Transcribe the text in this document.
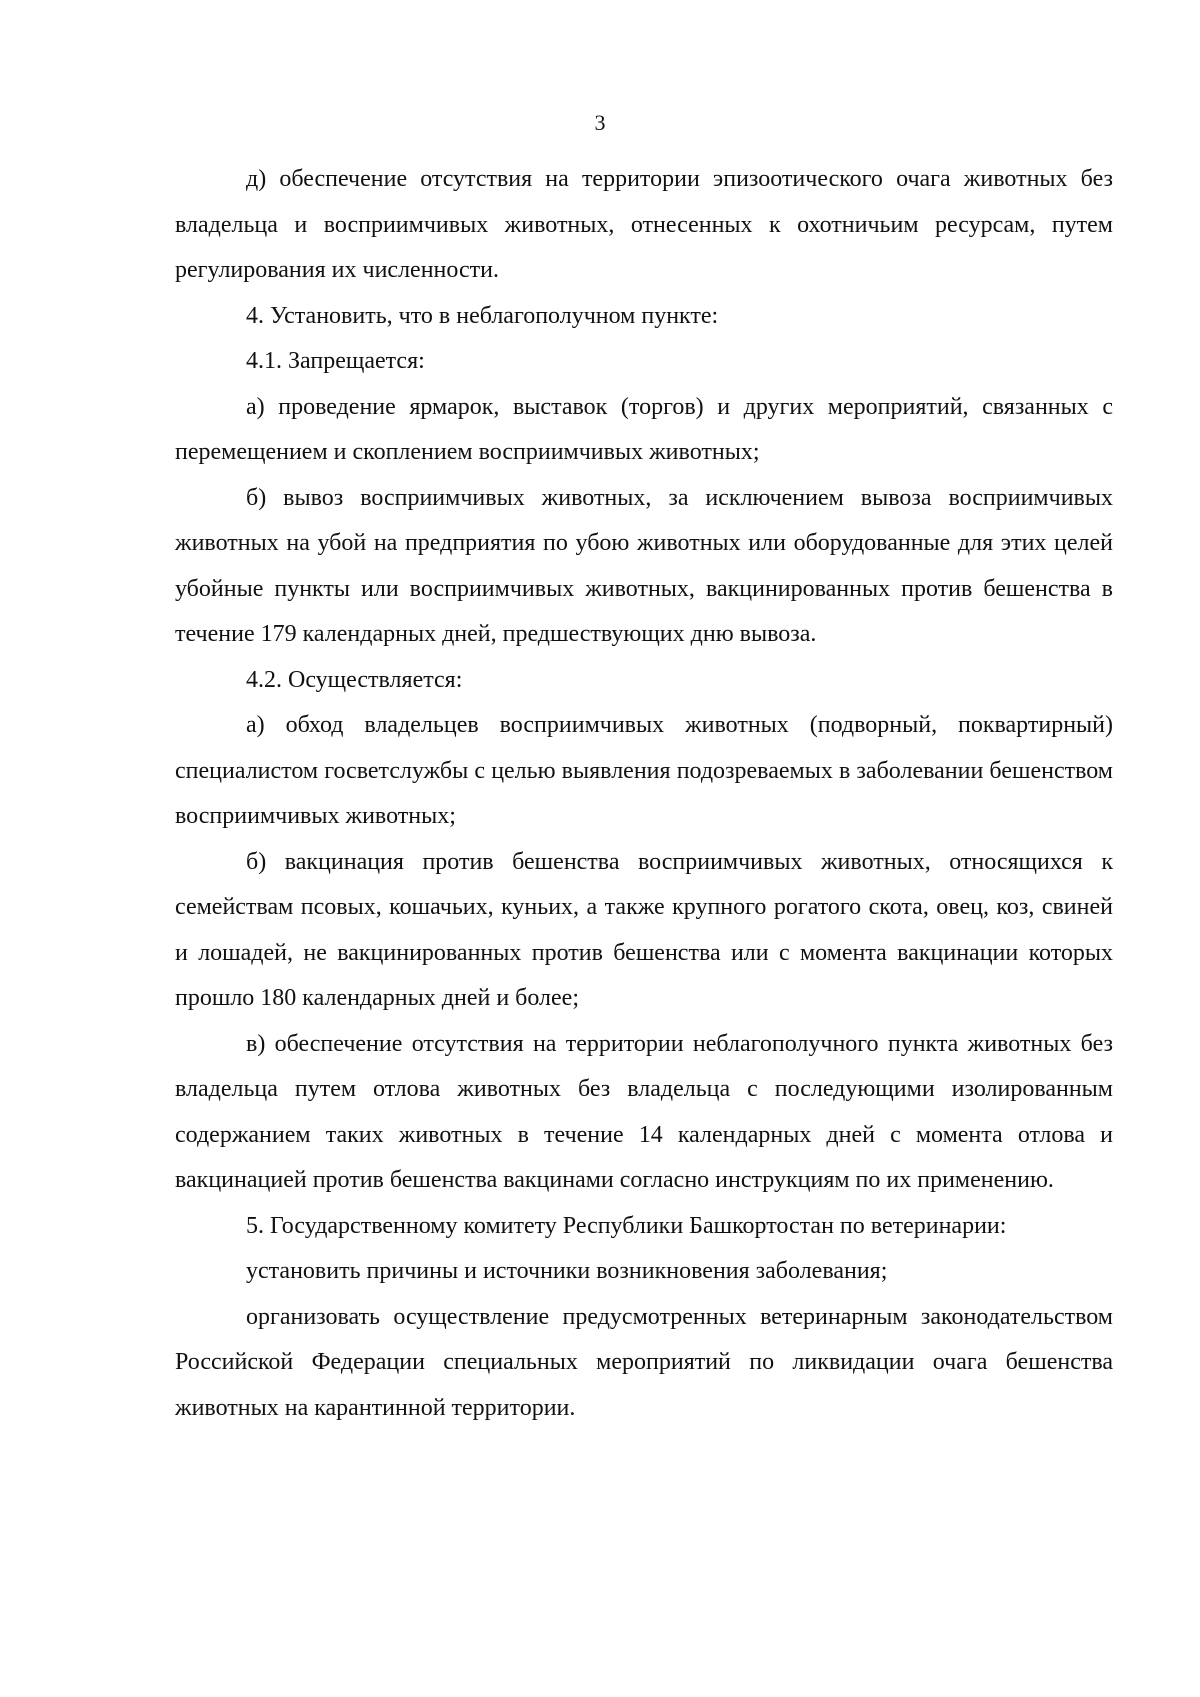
3

д) обеспечение отсутствия на территории эпизоотического очага животных без владельца и восприимчивых животных, отнесенных к охотничьим ресурсам, путем регулирования их численности.

4. Установить, что в неблагополучном пункте:

4.1. Запрещается:

а) проведение ярмарок, выставок (торгов) и других мероприятий, связанных с перемещением и скоплением восприимчивых животных;

б) вывоз восприимчивых животных, за исключением вывоза восприимчивых животных на убой на предприятия по убою животных или оборудованные для этих целей убойные пункты или восприимчивых животных, вакцинированных против бешенства в течение 179 календарных дней, предшествующих дню вывоза.

4.2. Осуществляется:

а) обход владельцев восприимчивых животных (подворный, поквартирный) специалистом госветслужбы с целью выявления подозреваемых в заболевании бешенством восприимчивых животных;

б) вакцинация против бешенства восприимчивых животных, относящихся к семействам псовых, кошачьих, куньих, а также крупного рогатого скота, овец, коз, свиней и лошадей, не вакцинированных против бешенства или с момента вакцинации которых прошло 180 календарных дней и более;

в) обеспечение отсутствия на территории неблагополучного пункта животных без владельца путем отлова животных без владельца с последующими изолированным содержанием таких животных в течение 14 календарных дней с момента отлова и вакцинацией против бешенства вакцинами согласно инструкциям по их применению.

5. Государственному комитету Республики Башкортостан по ветеринарии:

установить причины и источники возникновения заболевания;

организовать осуществление предусмотренных ветеринарным законодательством Российской Федерации специальных мероприятий по ликвидации очага бешенства животных на карантинной территории.
